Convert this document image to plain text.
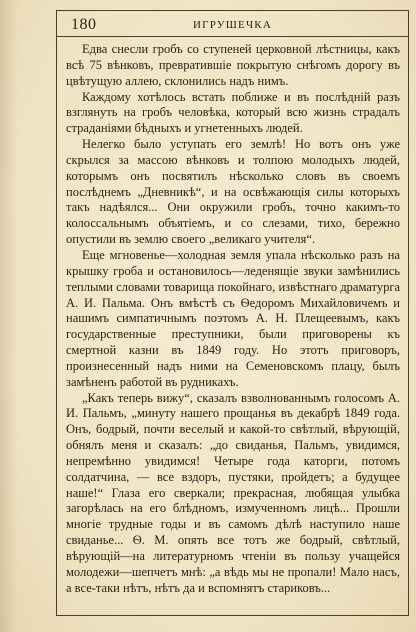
180	ИГРУШЕЧКА

Едва снесли гробъ со ступеней церковной лѣстницы, какъ всѣ 75 вѣнковъ, превратившіе покрытую снѣгомъ дорогу въ цвѣтущую аллею, склонились надъ нимъ.

Каждому хотѣлось встать поближе и въ послѣдній разъ взглянуть на гробъ человѣка, который всю жизнь страдалъ страданіями бѣдныхъ и угнетенныхъ людей.

Нелегко было уступать его землѣ! Но вотъ онъ уже скрылся за массою вѣнковъ и толпою молодыхъ людей, которымъ онъ посвятилъ нѣсколько словъ въ своемъ послѣднемъ „Дневникѣ“, и на освѣжающія силы которыхъ такъ надѣялся... Они окружили гробъ, точно какимъ-то колоссальнымъ объятіемъ, и со слезами, тихо, бережно опустили въ землю своего „великаго учителя“.

Еще мгновенье—холодная земля упала нѣсколько разъ на крышку гроба и остановилось—леденящіе звуки замѣнились теплыми словами товарища покойнаго, извѣстнаго драматурга А. И. Пальма. Онъ вмѣстѣ съ Ѳедоромъ Михайловичемъ и нашимъ симпатичнымъ поэтомъ А. Н. Плещеевымъ, какъ государственные преступники, были приговорены къ смертной казни въ 1849 году. Но этотъ приговоръ, произнесенный надъ ними на Семеновскомъ плацу, былъ замѣненъ работой въ рудникахъ.

„Какъ теперь вижу“, сказалъ взволнованнымъ голосомъ А. И. Пальмъ, „минуту нашего прощанья въ декабрѣ 1849 года. Онъ, бодрый, почти веселый и какой-то свѣтлый, вѣрующій, обнялъ меня и сказалъ: „до свиданья, Пальмъ, увидимся, непремѣнно увидимся! Четыре года каторги, потомъ солдатчина, — все вздоръ, пустяки, пройдетъ; а будущее наше!“ Глаза его сверкали; прекрасная, любящая улыбка загорѣлась на его блѣдномъ, измученномъ лицѣ... Прошли многіе трудные годы и въ самомъ дѣлѣ наступило наше свиданье... Ѳ. М. опять все тотъ же бодрый, свѣтлый, вѣрующій—на литературномъ чтеніи въ пользу учащейся молодежи—шепчетъ мнѣ: „а вѣдь мы не пропали! Мало насъ, а все-таки нѣтъ, нѣтъ да и вспомнятъ стариковъ...
